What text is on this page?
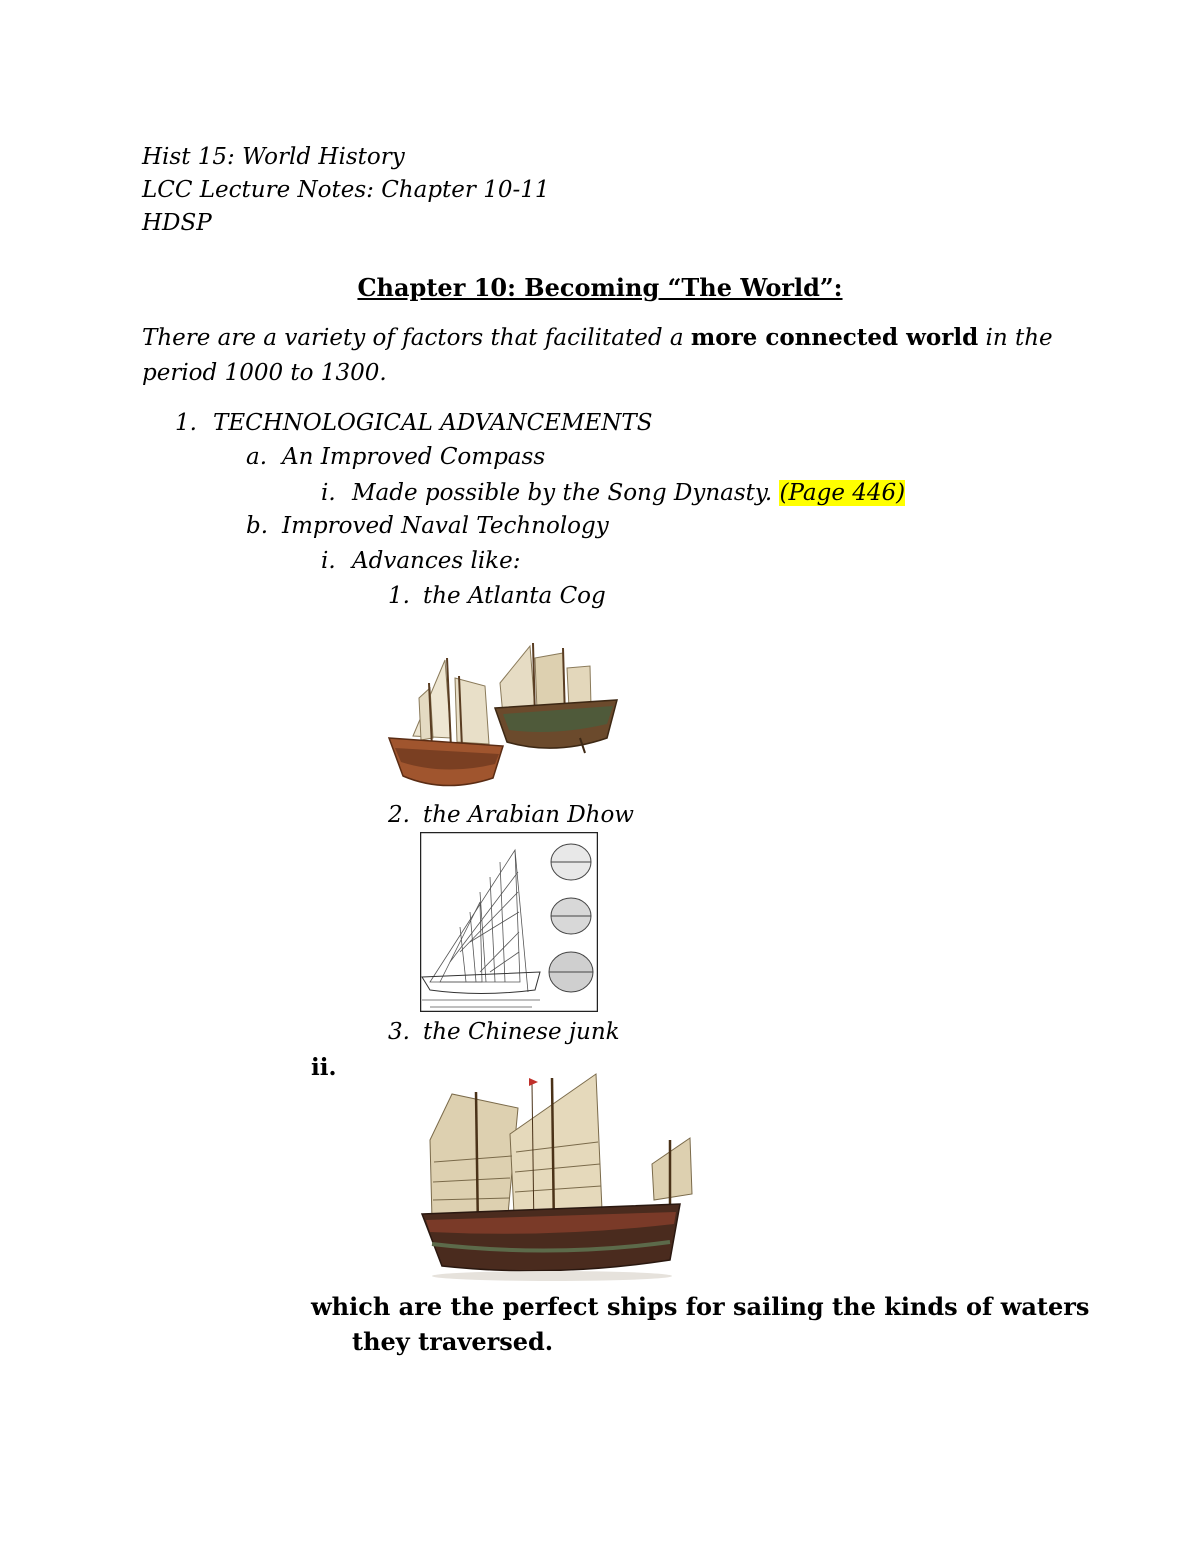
Hist 15: World History
LCC Lecture Notes: Chapter 10-11
HDSP
Chapter 10: Becoming “The World”:
There are a variety of factors that facilitated a more connected world in the
period 1000 to 1300.
1. TECHNOLOGICAL ADVANCEMENTS
a. An Improved Compass
i. Made possible by the Song Dynasty. (Page 446)
b. Improved Naval Technology
i. Advances like:
1. the Atlanta Cog
2. the Arabian Dhow
3. the Chinese junk
ii.
which are the perfect ships for sailing the kinds of waters
they traversed.
